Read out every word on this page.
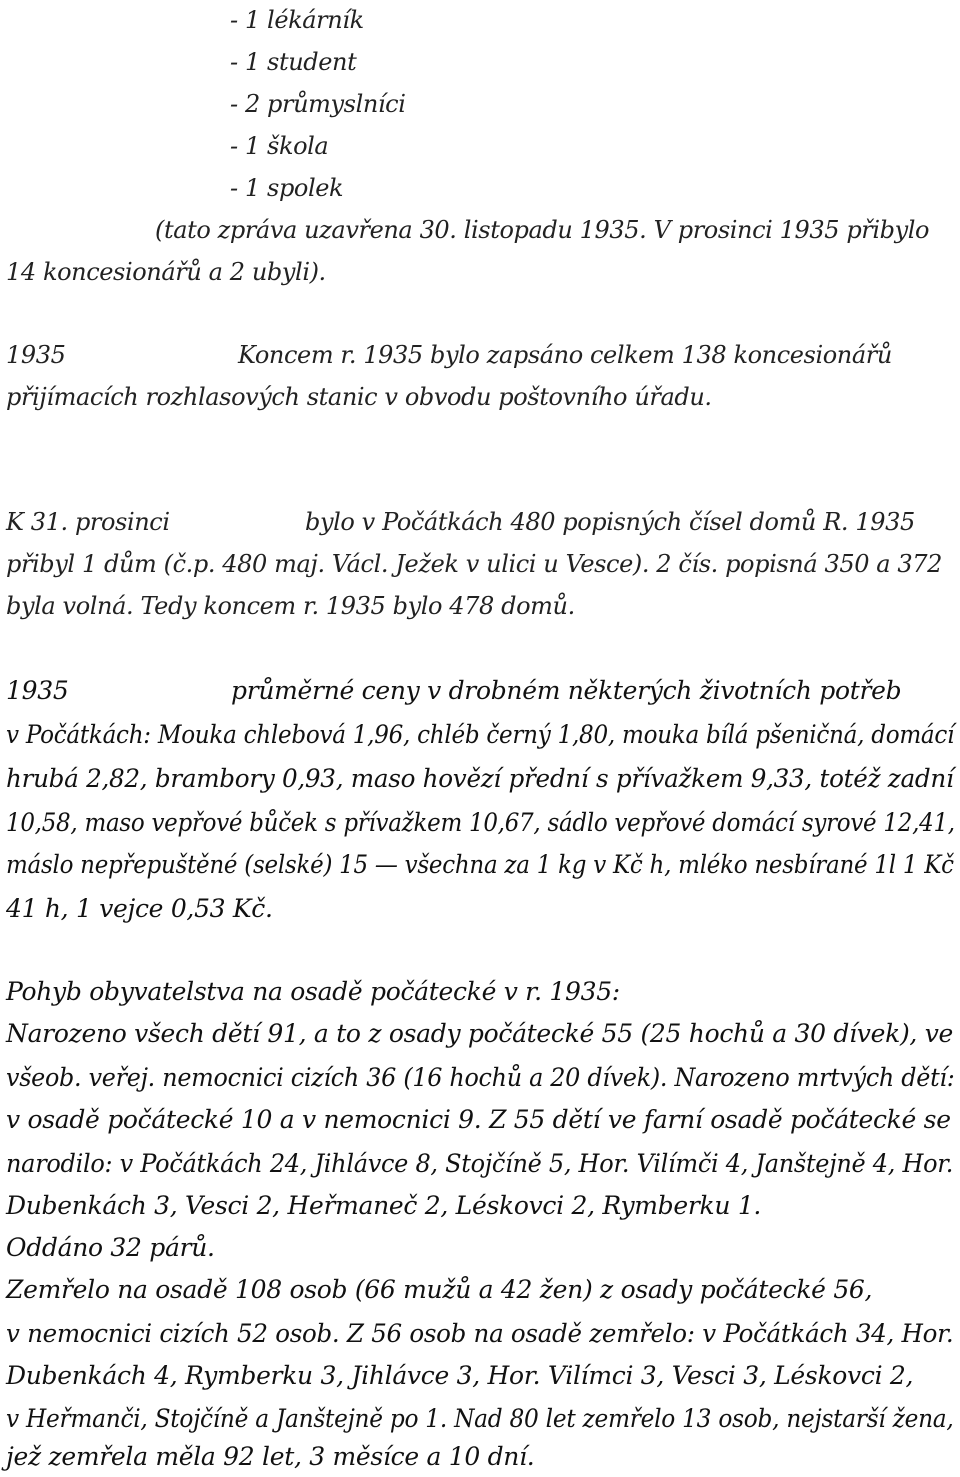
- 1 lékárník
- 1 student
- 2 průmyslníci
- 1 škola
- 1 spolek
(tato zpráva uzavřena 30. listopadu 1935. V prosinci 1935 přibylo
14 koncesionářů a 2 ubyli).
1935	Koncem r. 1935 bylo zapsáno celkem 138 koncesionářů
přijímacích rozhlasových stanic v obvodu poštovního úřadu.
K 31. prosinci	bylo v Počátkách 480 popisných čísel domů R. 1935
přibyl 1 dům (č.p. 480 maj. Václ. Ježek v ulici u Vesce). 2 čís. popisná 350 a 372
byla volná. Tedy koncem r. 1935 bylo 478 domů.
1935	průměrné ceny v drobném některých životních potřeb
v Počátkách: Mouka chlebová 1,96, chléb černý 1,80, mouka bílá pšeničná, domácí
hrubá 2,82, brambory 0,93, maso hovězí přední s přívažkem 9,33, totéž zadní
10,58, maso vepřové bůček s přívažkem 10,67, sádlo vepřové domácí syrové 12,41,
máslo nepřepuštěné (selské) 15 — všechna za 1 kg v Kč h, mléko nesbírané 1l 1 Kč
41 h, 1 vejce 0,53 Kč.
Pohyb obyvatelstva na osadě počátecké v r. 1935:
Narozeno všech dětí 91, a to z osady počátecké 55 (25 hochů a 30 dívek), ve
všeob. veřej. nemocnici cizích 36 (16 hochů a 20 dívek). Narozeno mrtvých dětí:
v osadě počátecké 10 a v nemocnici 9. Z 55 dětí ve farní osadě počátecké se
narodilo: v Počátkách 24, Jihlávce 8, Stojčíně 5, Hor. Vilímči 4, Janštejně 4, Hor.
Dubenkách 3, Vesci 2, Heřmaneč 2, Léskovci 2, Rymberku 1.
Oddáno 32 párů.
Zemřelo na osadě 108 osob (66 mužů a 42 žen) z osady počátecké 56,
v nemocnici cizích 52 osob. Z 56 osob na osadě zemřelo: v Počátkách 34, Hor.
Dubenkách 4, Rymberku 3, Jihlávce 3, Hor. Vilímci 3, Vesci 3, Léskovci 2,
v Heřmanči, Stojčíně a Janštejně po 1. Nad 80 let zemřelo 13 osob, nejstarší žena,
jež zemřela měla 92 let, 3 měsíce a 10 dní.
